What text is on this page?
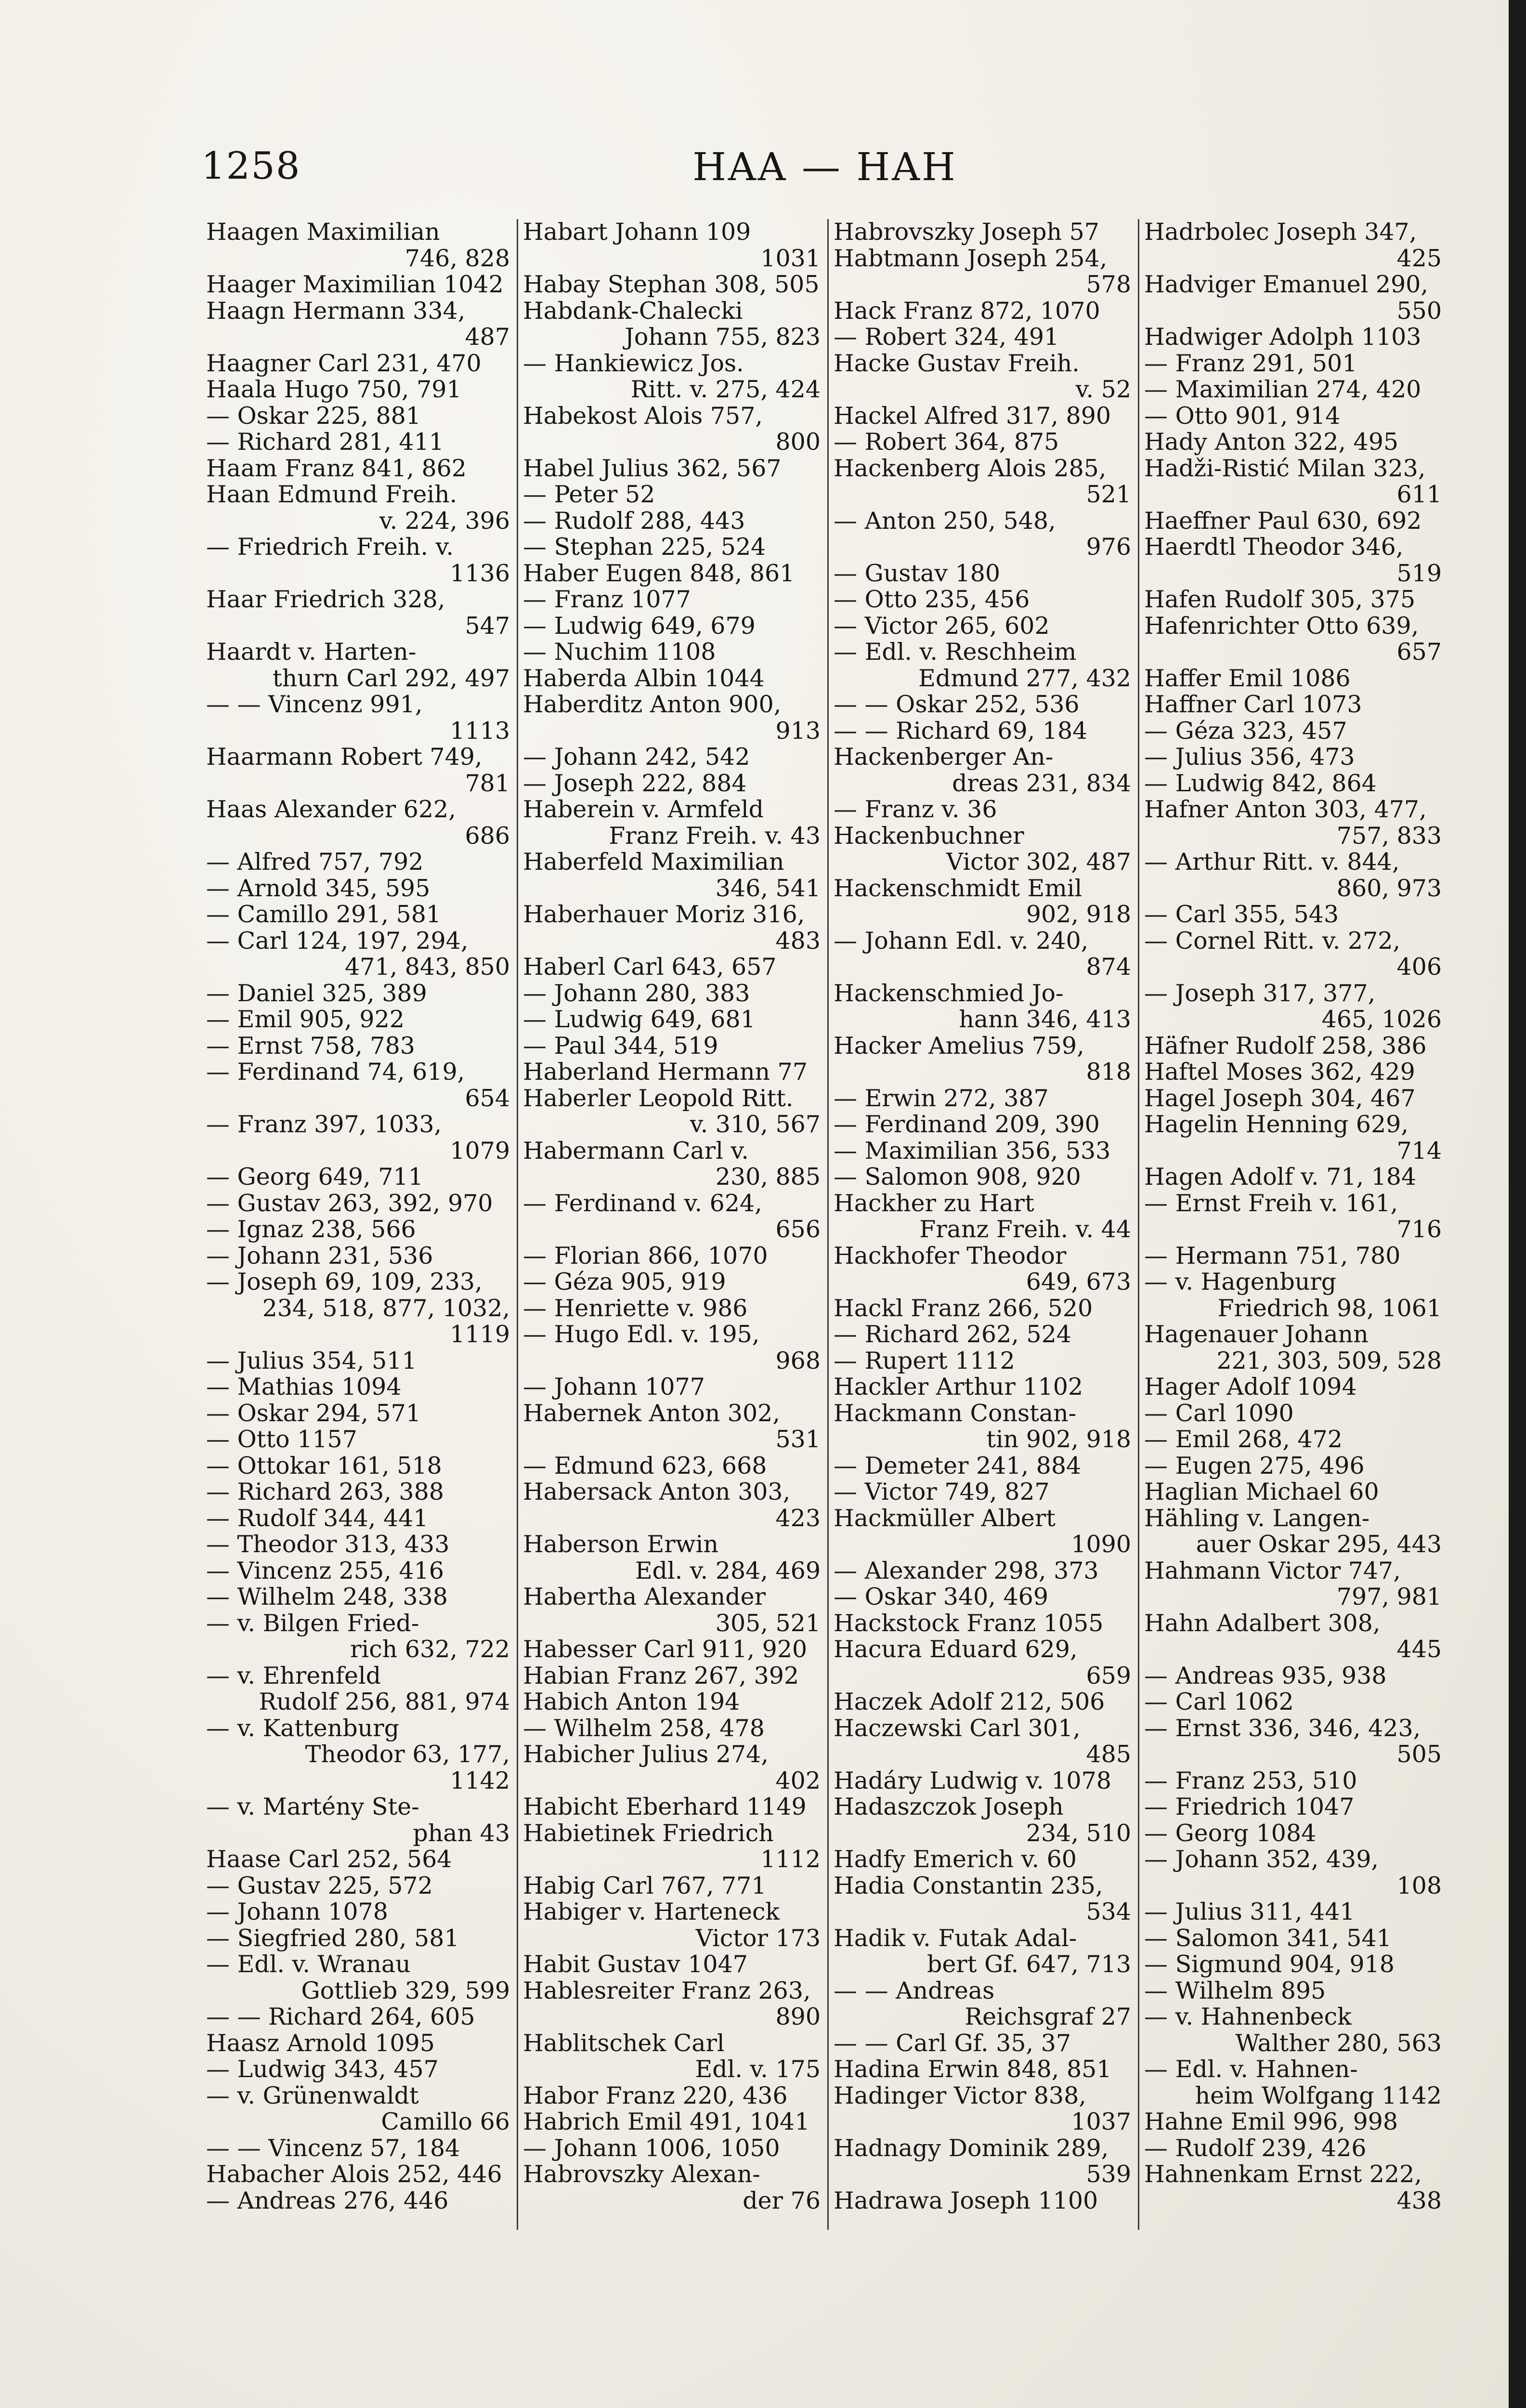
1258	HAA — HAH
Haagen Maximilian
746, 828
Haager Maximilian 1042
Haagn Hermann 334,
487
Haagner Carl 231, 470
Haala Hugo 750, 791
— Oskar 225, 881
— Richard 281, 411
Haam Franz 841, 862
Haan Edmund Freih.
v. 224, 396
— Friedrich Freih. v.
1136
Haar Friedrich 328,
547
Haardt v. Harten-
thurn Carl 292, 497
— — Vincenz 991,
1113
Haarmann Robert 749,
781
Haas Alexander 622,
686
— Alfred 757, 792
— Arnold 345, 595
— Camillo 291, 581
— Carl 124, 197, 294,
471, 843, 850
— Daniel 325, 389
— Emil 905, 922
— Ernst 758, 783
— Ferdinand 74, 619,
654
— Franz 397, 1033,
1079
— Georg 649, 711
— Gustav 263, 392, 970
— Ignaz 238, 566
— Johann 231, 536
— Joseph 69, 109, 233,
234, 518, 877, 1032,
1119
— Julius 354, 511
— Mathias 1094
— Oskar 294, 571
— Otto 1157
— Ottokar 161, 518
— Richard 263, 388
— Rudolf 344, 441
— Theodor 313, 433
— Vincenz 255, 416
— Wilhelm 248, 338
— v. Bilgen Fried-
rich 632, 722
— v. Ehrenfeld
Rudolf 256, 881, 974
— v. Kattenburg
Theodor 63, 177,
1142
— v. Martény Ste-
phan 43
Haase Carl 252, 564
— Gustav 225, 572
— Johann 1078
— Siegfried 280, 581
— Edl. v. Wranau
Gottlieb 329, 599
— — Richard 264, 605
Haasz Arnold 1095
— Ludwig 343, 457
— v. Grünenwaldt
Camillo 66
— — Vincenz 57, 184
Habacher Alois 252, 446
— Andreas 276, 446
Habart Johann 109
1031
Habay Stephan 308, 505
Habdank-Chalecki
Johann 755, 823
— Hankiewicz Jos.
Ritt. v. 275, 424
Habekost Alois 757,
800
Habel Julius 362, 567
— Peter 52
— Rudolf 288, 443
— Stephan 225, 524
Haber Eugen 848, 861
— Franz 1077
— Ludwig 649, 679
— Nuchim 1108
Haberda Albin 1044
Haberditz Anton 900,
913
— Johann 242, 542
— Joseph 222, 884
Haberein v. Armfeld
Franz Freih. v. 43
Haberfeld Maximilian
346, 541
Haberhauer Moriz 316,
483
Haberl Carl 643, 657
— Johann 280, 383
— Ludwig 649, 681
— Paul 344, 519
Haberland Hermann 77
Haberler Leopold Ritt.
v. 310, 567
Habermann Carl v.
230, 885
— Ferdinand v. 624,
656
— Florian 866, 1070
— Géza 905, 919
— Henriette v. 986
— Hugo Edl. v. 195,
968
— Johann 1077
Habernek Anton 302,
531
— Edmund 623, 668
Habersack Anton 303,
423
Haberson Erwin
Edl. v. 284, 469
Habertha Alexander
305, 521
Habesser Carl 911, 920
Habian Franz 267, 392
Habich Anton 194
— Wilhelm 258, 478
Habicher Julius 274,
402
Habicht Eberhard 1149
Habietinek Friedrich
1112
Habig Carl 767, 771
Habiger v. Harteneck
Victor 173
Habit Gustav 1047
Hablesreiter Franz 263,
890
Hablitschek Carl
Edl. v. 175
Habor Franz 220, 436
Habrich Emil 491, 1041
— Johann 1006, 1050
Habrovszky Alexan-
der 76
Habrovszky Joseph 57
Habtmann Joseph 254,
578
Hack Franz 872, 1070
— Robert 324, 491
Hacke Gustav Freih.
v. 52
Hackel Alfred 317, 890
— Robert 364, 875
Hackenberg Alois 285,
521
— Anton 250, 548,
976
— Gustav 180
— Otto 235, 456
— Victor 265, 602
— Edl. v. Reschheim
Edmund 277, 432
— — Oskar 252, 536
— — Richard 69, 184
Hackenberger An-
dreas 231, 834
— Franz v. 36
Hackenbuchner
Victor 302, 487
Hackenschmidt Emil
902, 918
— Johann Edl. v. 240,
874
Hackenschmied Jo-
hann 346, 413
Hacker Amelius 759,
818
— Erwin 272, 387
— Ferdinand 209, 390
— Maximilian 356, 533
— Salomon 908, 920
Hackher zu Hart
Franz Freih. v. 44
Hackhofer Theodor
649, 673
Hackl Franz 266, 520
— Richard 262, 524
— Rupert 1112
Hackler Arthur 1102
Hackmann Constan-
tin 902, 918
— Demeter 241, 884
— Victor 749, 827
Hackmüller Albert
1090
— Alexander 298, 373
— Oskar 340, 469
Hackstock Franz 1055
Hacura Eduard 629,
659
Haczek Adolf 212, 506
Haczewski Carl 301,
485
Hadáry Ludwig v. 1078
Hadaszczok Joseph
234, 510
Hadfy Emerich v. 60
Hadia Constantin 235,
534
Hadik v. Futak Adal-
bert Gf. 647, 713
— — Andreas
Reichsgraf 27
— — Carl Gf. 35, 37
Hadina Erwin 848, 851
Hadinger Victor 838,
1037
Hadnagy Dominik 289,
539
Hadrawa Joseph 1100
Hadrbolec Joseph 347,
425
Hadviger Emanuel 290,
550
Hadwiger Adolph 1103
— Franz 291, 501
— Maximilian 274, 420
— Otto 901, 914
Hady Anton 322, 495
Hadži-Ristić Milan 323,
611
Haeffner Paul 630, 692
Haerdtl Theodor 346,
519
Hafen Rudolf 305, 375
Hafenrichter Otto 639,
657
Haffer Emil 1086
Haffner Carl 1073
— Géza 323, 457
— Julius 356, 473
— Ludwig 842, 864
Hafner Anton 303, 477,
757, 833
— Arthur Ritt. v. 844,
860, 973
— Carl 355, 543
— Cornel Ritt. v. 272,
406
— Joseph 317, 377,
465, 1026
Häfner Rudolf 258, 386
Haftel Moses 362, 429
Hagel Joseph 304, 467
Hagelin Henning 629,
714
Hagen Adolf v. 71, 184
— Ernst Freih v. 161,
716
— Hermann 751, 780
— v. Hagenburg
Friedrich 98, 1061
Hagenauer Johann
221, 303, 509, 528
Hager Adolf 1094
— Carl 1090
— Emil 268, 472
— Eugen 275, 496
Haglian Michael 60
Hähling v. Langen-
auer Oskar 295, 443
Hahmann Victor 747,
797, 981
Hahn Adalbert 308,
445
— Andreas 935, 938
— Carl 1062
— Ernst 336, 346, 423,
505
— Franz 253, 510
— Friedrich 1047
— Georg 1084
— Johann 352, 439,
108
— Julius 311, 441
— Salomon 341, 541
— Sigmund 904, 918
— Wilhelm 895
— v. Hahnenbeck
Walther 280, 563
— Edl. v. Hahnen-
heim Wolfgang 1142
Hahne Emil 996, 998
— Rudolf 239, 426
Hahnenkam Ernst 222,
438
